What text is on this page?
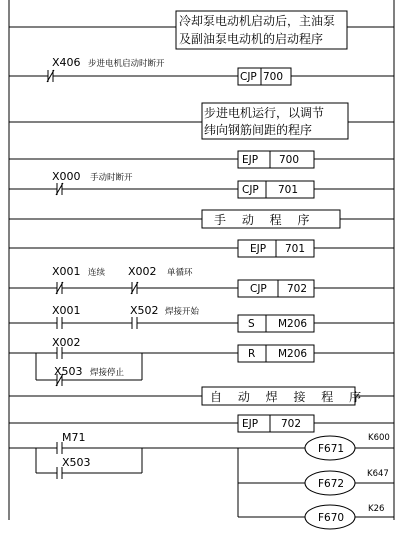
冷却泵电动机启动后，主油泵
及副油泵电动机的启动程序
X406 步进电机启动时断开
CJP 700
步进电机运行，以调节
纬向钢筋间距的程序
EJP 700
X000 手动时断开
CJP 701
手 动 程 序
EJP 701
X001 连续 X002 单循环
CJP 702
X001	X502 焊接开始
S M206
X002
X503 焊接停止
R M206
自 动 焊 接 程 序
EJP 702
M71
X503
F671
K600
F672
K647
F670
K26
